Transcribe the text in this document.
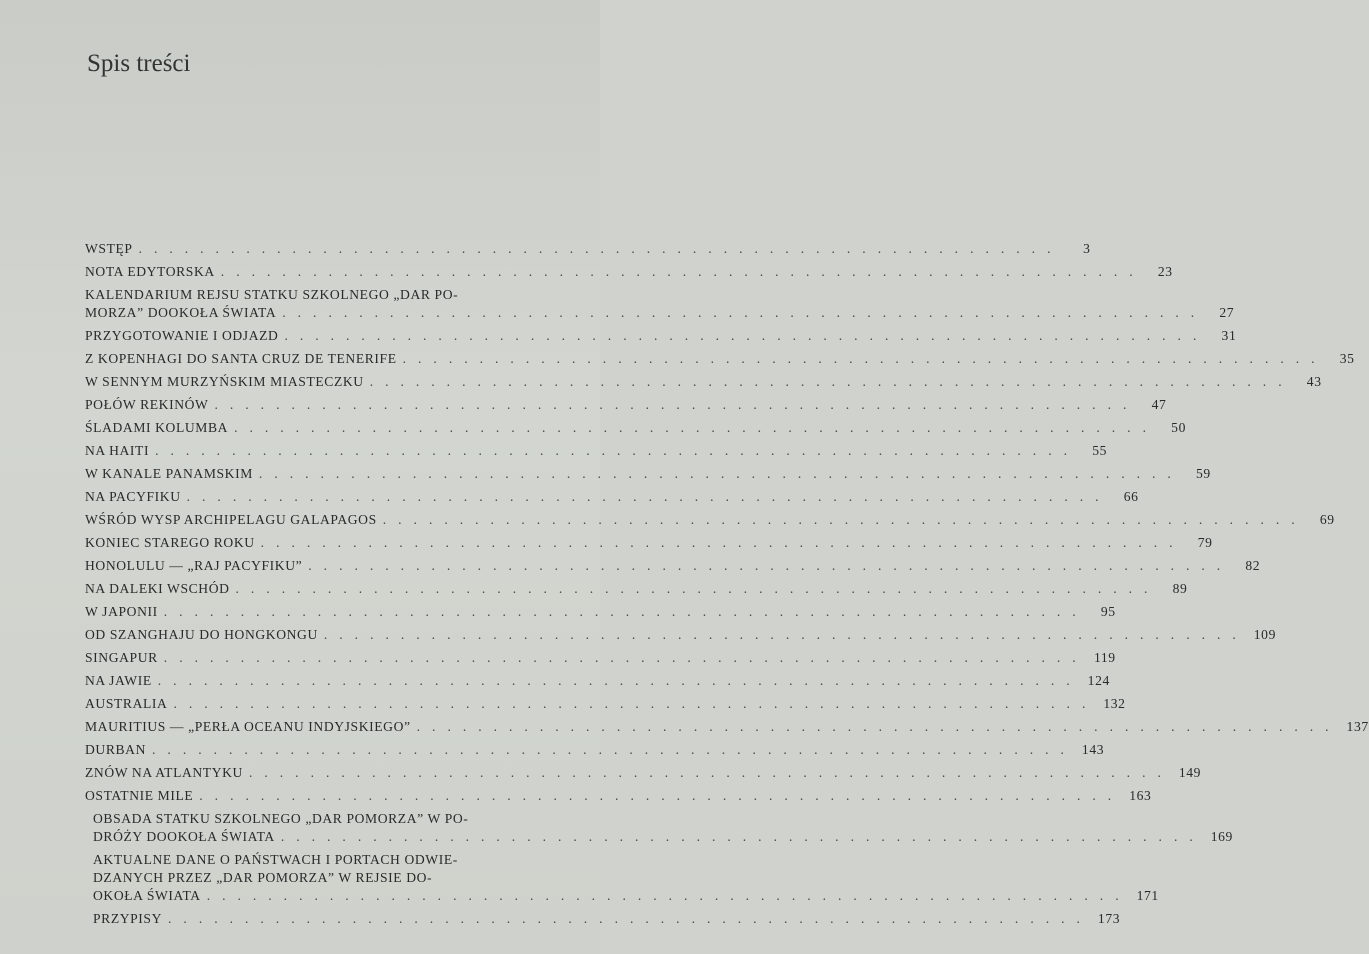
Spis treści
WSTĘP ............................................................	3
NOTA EDYTORSKA ............................................................ 23
KALENDARIUM REJSU STATKU SZKOLNEGO „DAR PO-
MORZA” DOOKOŁA ŚWIATA ............................................................ 27
PRZYGOTOWANIE I ODJAZD ............................................................ 31
Z KOPENHAGI DO SANTA CRUZ DE TENERIFE ............................................................ 35
W SENNYM MURZYŃSKIM MIASTECZKU ............................................................ 43
POŁÓW REKINÓW ............................................................ 47
ŚLADAMI KOLUMBA ............................................................ 50
NA HAITI ............................................................ 55
W KANALE PANAMSKIM ............................................................ 59
NA PACYFIKU ............................................................ 66
WŚRÓD WYSP ARCHIPELAGU GALAPAGOS ............................................................ 69
KONIEC STAREGO ROKU ............................................................ 79
HONOLULU — „RAJ PACYFIKU” ............................................................ 82
NA DALEKI WSCHÓD ............................................................ 89
W JAPONII ............................................................ 95
OD SZANGHAJU DO HONGKONGU ............................................................ 109
SINGAPUR ............................................................ 119
NA JAWIE ............................................................ 124
AUSTRALIA ............................................................ 132
MAURITIUS — „PERŁA OCEANU INDYJSKIEGO” ............................................................ 137
DURBAN ............................................................ 143
ZNÓW NA ATLANTYKU ............................................................ 149
OSTATNIE MILE ............................................................ 163
OBSADA STATKU SZKOLNEGO „DAR POMORZA” W PO-
DRÓŻY DOOKOŁA ŚWIATA ............................................................ 169
AKTUALNE DANE O PAŃSTWACH I PORTACH ODWIE-
DZANYCH PRZEZ „DAR POMORZA” W REJSIE DO-
OKOŁA ŚWIATA ............................................................ 171
PRZYPISY ............................................................ 173
